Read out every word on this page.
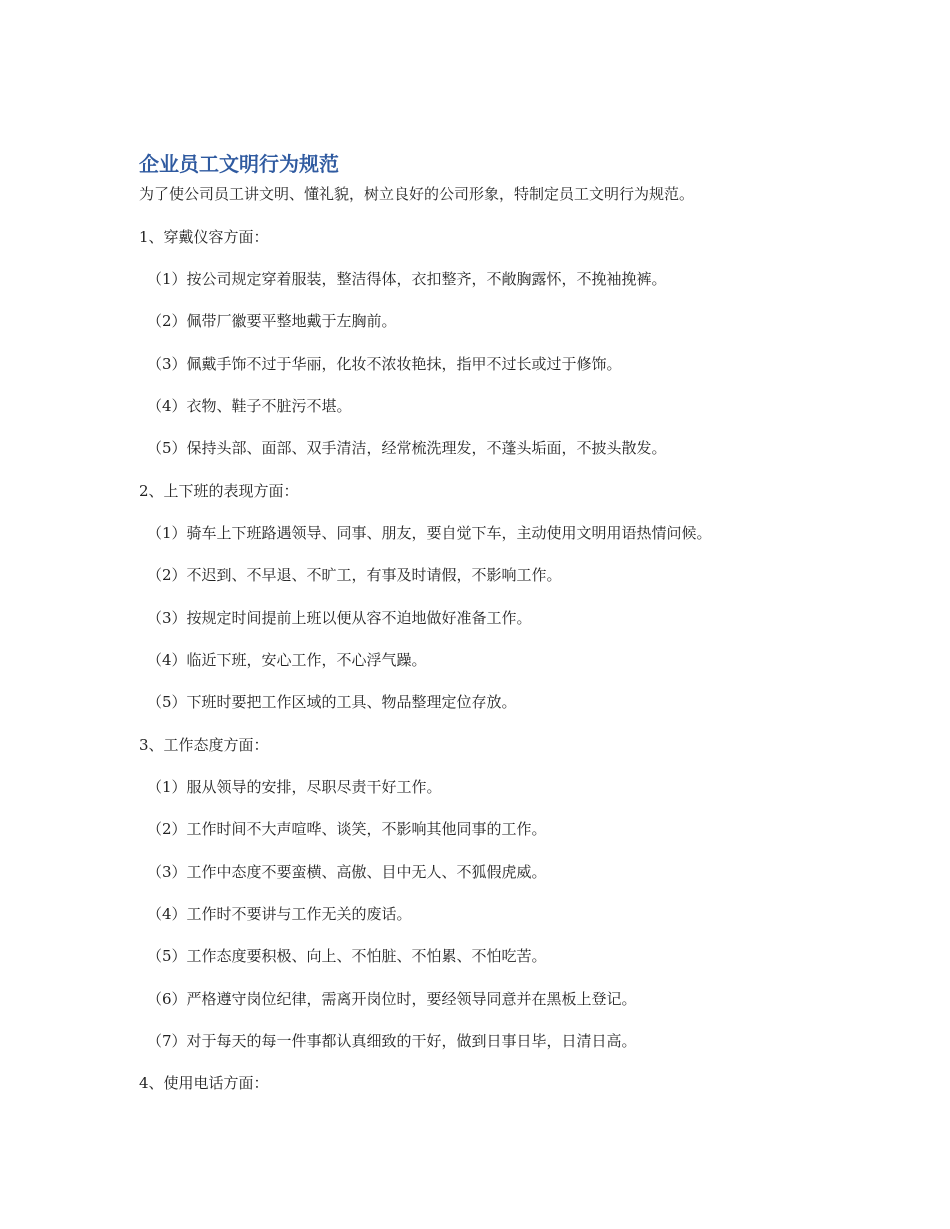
企业员工文明行为规范
为了使公司员工讲文明、懂礼貌，树立良好的公司形象，特制定员工文明行为规范。
1、穿戴仪容方面：
（1）按公司规定穿着服装，整洁得体，衣扣整齐，不敞胸露怀，不挽袖挽裤。
（2）佩带厂徽要平整地戴于左胸前。
（3）佩戴手饰不过于华丽，化妆不浓妆艳抹，指甲不过长或过于修饰。
（4）衣物、鞋子不脏污不堪。
（5）保持头部、面部、双手清洁，经常梳洗理发，不蓬头垢面，不披头散发。
2、上下班的表现方面：
（1）骑车上下班路遇领导、同事、朋友，要自觉下车，主动使用文明用语热情问候。
（2）不迟到、不早退、不旷工，有事及时请假，不影响工作。
（3）按规定时间提前上班以便从容不迫地做好准备工作。
（4）临近下班，安心工作，不心浮气躁。
（5）下班时要把工作区域的工具、物品整理定位存放。
3、工作态度方面：
（1）服从领导的安排，尽职尽责干好工作。
（2）工作时间不大声喧哗、谈笑，不影响其他同事的工作。
（3）工作中态度不要蛮横、高傲、目中无人、不狐假虎威。
（4）工作时不要讲与工作无关的废话。
（5）工作态度要积极、向上、不怕脏、不怕累、不怕吃苦。
（6）严格遵守岗位纪律，需离开岗位时，要经领导同意并在黑板上登记。
（7）对于每天的每一件事都认真细致的干好，做到日事日毕，日清日高。
4、使用电话方面：
